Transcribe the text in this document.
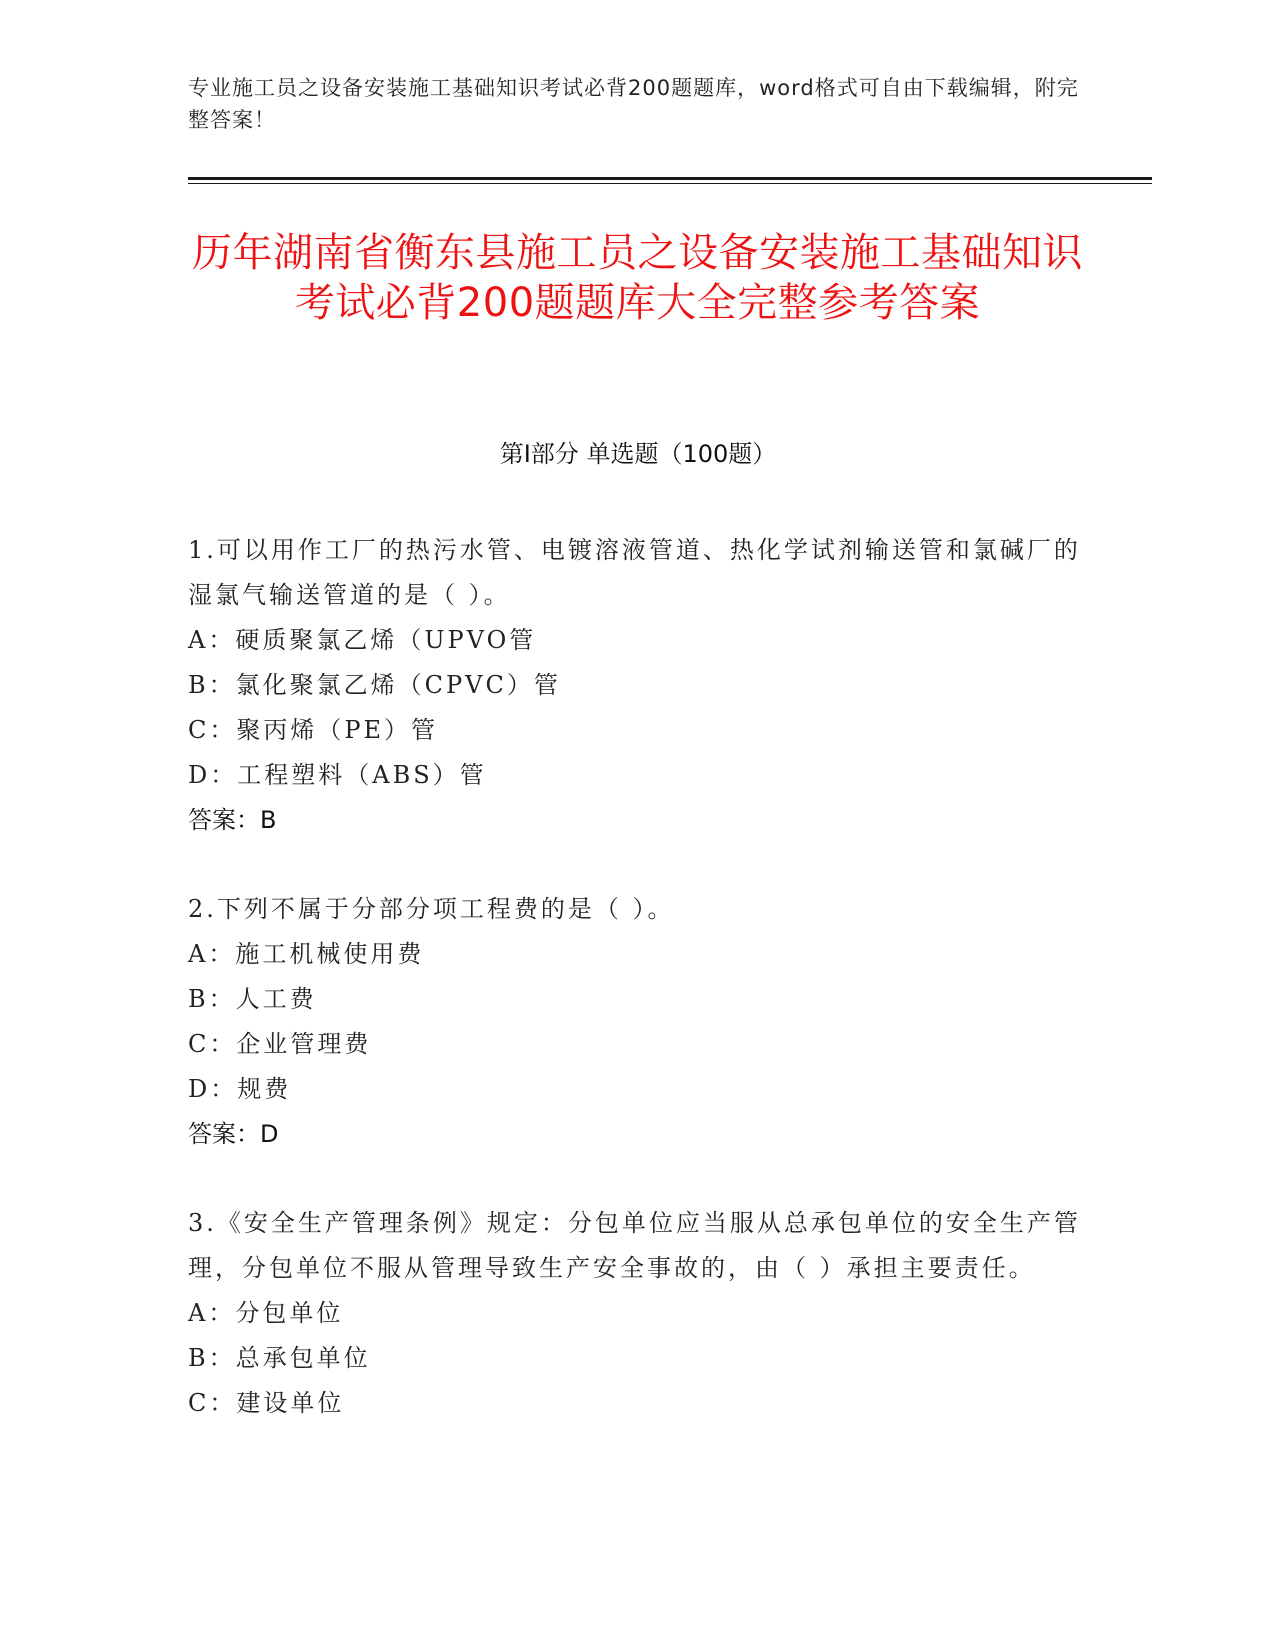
专业施工员之设备安装施工基础知识考试必背200题题库，word格式可自由下载编辑，附完整答案！
历年湖南省衡东县施工员之设备安装施工基础知识考试必背200题题库大全完整参考答案
第I部分 单选题（100题）
1.可以用作工厂的热污水管、电镀溶液管道、热化学试剂输送管和氯碱厂的湿氯气输送管道的是（ ）。
A：硬质聚氯乙烯（UPVO管
B：氯化聚氯乙烯（CPVC）管
C：聚丙烯（PE）管
D：工程塑料（ABS）管
答案：B
2.下列不属于分部分项工程费的是（ ）。
A：施工机械使用费
B：人工费
C：企业管理费
D：规费
答案：D
3.《安全生产管理条例》规定：分包单位应当服从总承包单位的安全生产管理，分包单位不服从管理导致生产安全事故的，由（ ）承担主要责任。
A：分包单位
B：总承包单位
C：建设单位
